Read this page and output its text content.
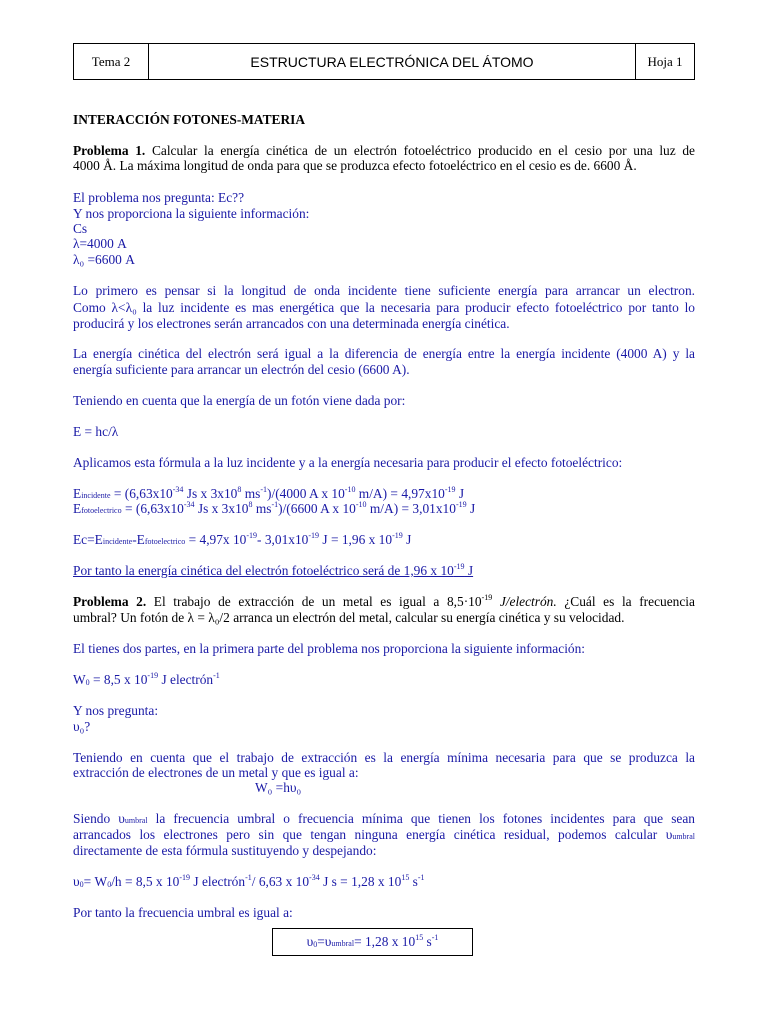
Tema 2	ESTRUCTURA ELECTRÓNICA DEL ÁTOMO	Hoja 1
INTERACCIÓN FOTONES-MATERIA
Problema 1. Calcular la energía cinética de un electrón fotoeléctrico producido en el cesio por una luz de
4000 Å. La máxima longitud de onda para que se produzca efecto fotoeléctrico en el cesio es de. 6600 Å.
El problema nos pregunta: Ec??
Y nos proporciona la siguiente información:
Cs
λ=4000 A
λ₀ =6600 A
Lo primero es pensar si la longitud de onda incidente tiene suficiente energía para arrancar un electron.
Como λ<λ₀ la luz incidente es mas energética que la necesaria para producir efecto fotoeléctrico por tanto lo
producirá y los electrones serán arrancados con una determinada energía cinética.
La energía cinética del electrón será igual a la diferencia de energía entre la energía incidente (4000 A) y la
energía suficiente para arrancar un electrón del cesio (6600 A).
Teniendo en cuenta que la energía de un fotón viene dada por:
E = hc/λ
Aplicamos esta fórmula a la luz incidente y a la energía necesaria para producir el efecto fotoeléctrico:
Eincidente = ($6,63x10^{-34}$ Js x $3x10^8$ $ms^{-1})/(4000$ A x $10^{-10}$ $m/A) = 4,97x10^{-19}$ J
Efotoelectrico = ($6,63x10^{-34}$ Js x $3x10^8$ $ms^{-1})/(6600$ A x $10^{-10}$ $m/A) = 3,01x10^{-19}$ J
Ec=Eincidente-Efotoelectrico = 4,97x $10^{-19}-$ $3,01x10^{-19}$ J = 1,96 x $10^{-19}$ J
Por tanto la energía cinética del electrón fotoeléctrico será de 1,96 x $10^{-19}$ J
Problema 2. El trabajo de extracción de un metal es igual a $8,5\cdot 10^{-19}$ J/electrón. ¿Cuál es la frecuencia
umbral? Un fotón de λ = λ₀/2 arranca un electrón del metal, calcular su energía cinética y su velocidad.
El tienes dos partes, en la primera parte del problema nos proporciona la siguiente información:
$W_0 = 8,5$ x $10^{-19}$ J electrón$^{-1}$
Y nos pregunta:
υ₀?
Teniendo en cuenta que el trabajo de extracción es la energía mínima necesaria para que se produzca la
extracción de electrones de un metal y que es igual a:
W₀ =hυ₀
Siendo υumbral la frecuencia umbral o frecuencia mínima que tienen los fotones incidentes para que sean
arrancados los electrones pero sin que tengan ninguna energía cinética residual, podemos calcular υumbral
directamente de esta fórmula sustituyendo y despejando:
$\upsilon_0= W_0/h = 8,5$ x $10^{-19}$ J electrón$^{-1}$/ 6,63 x $10^{-34}$ J s = 1,28 x $10^{15}$ $s^{-1}$
Por tanto la frecuencia umbral es igual a:
$\upsilon_0=\upsilon umbral= 1,28$ x $10^{15}$ $s^{-1}$
